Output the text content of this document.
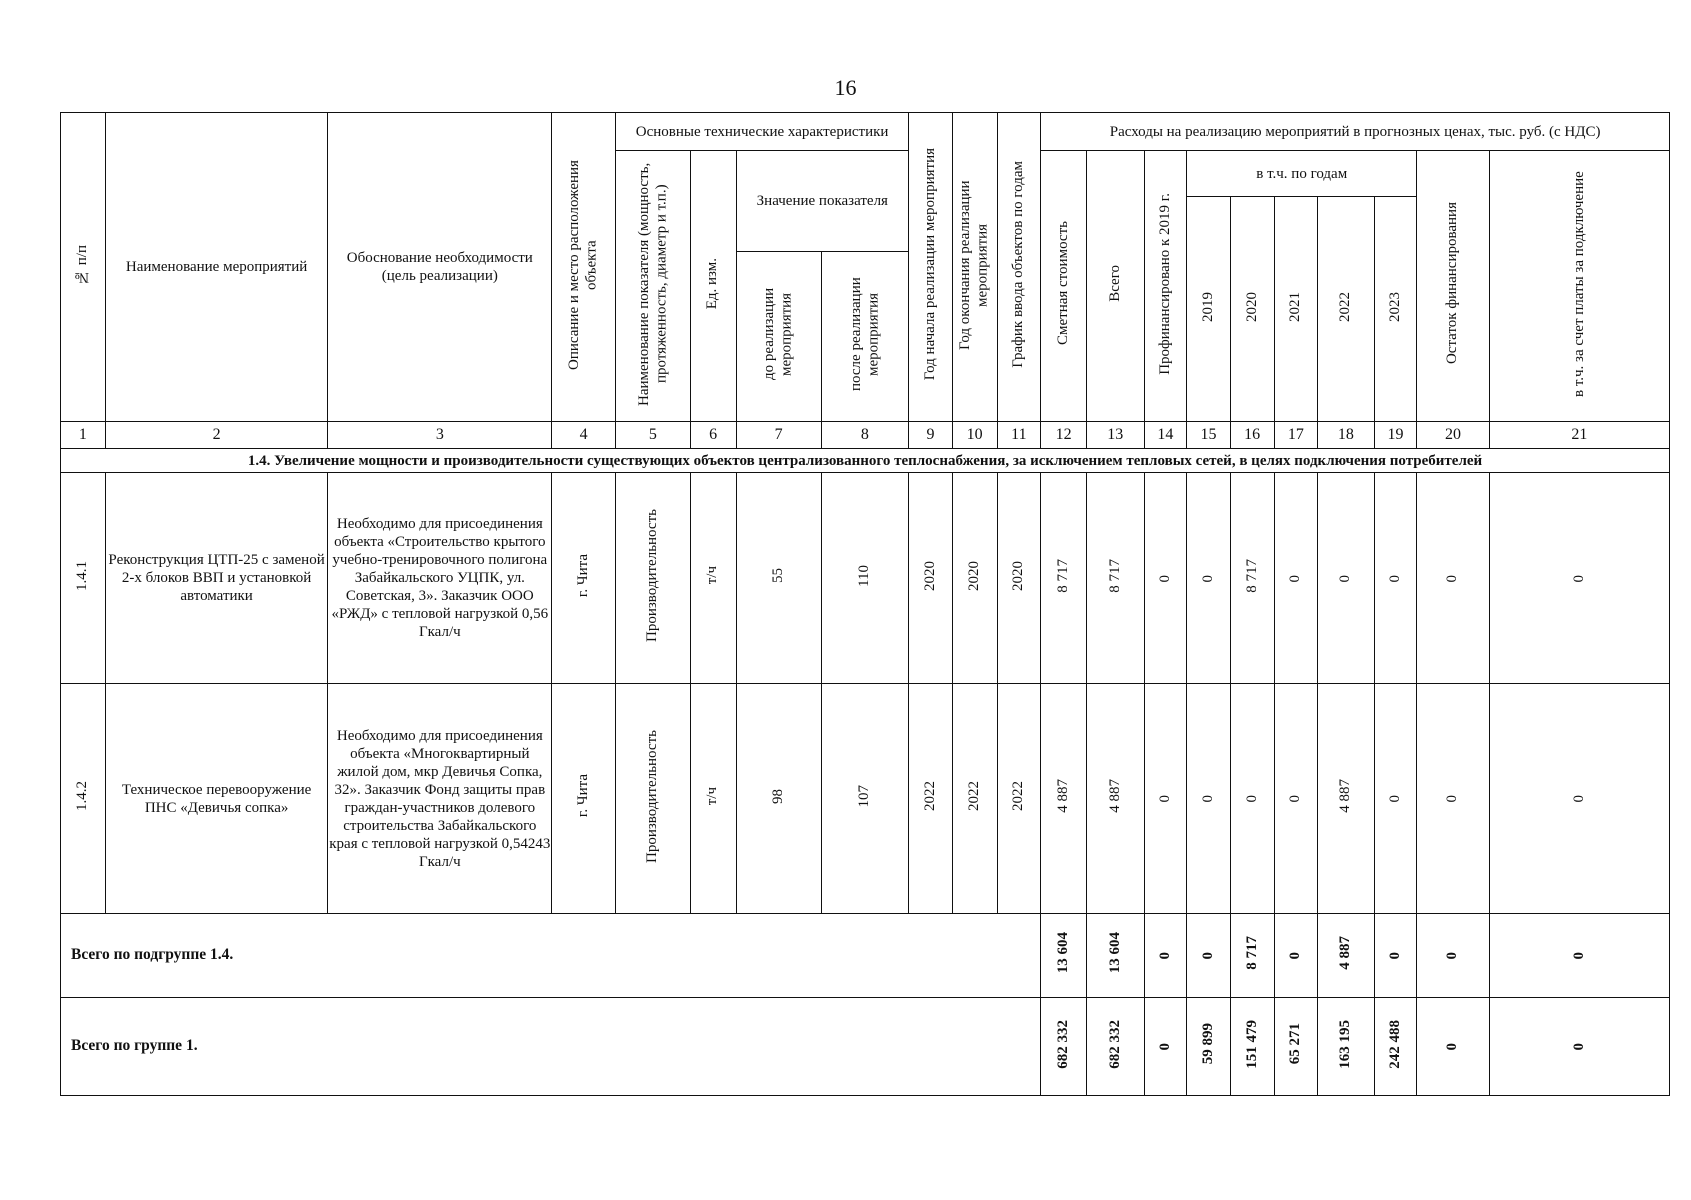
16
№ п/п	Наименование мероприятий	Обоснование необходимости (цель реализации)	Описание и место расположения объекта	Основные технические характеристики				Год начала реализации мероприятия	Год окончания реализации мероприятия	График ввода объектов по годам	Расходы на реализацию мероприятий в прогнозных ценах, тыс. руб. (с НДС)									
				Наименование показателя (мощность, протяженность, диаметр и т.п.)	Ед. изм.	Значение показателя					Сметная стоимость	Всего	Профинансировано к 2019 г.	в т.ч. по годам					Остаток финансирования	в т.ч. за счет платы за подключение
														2019	2020	2021	2022	2023		
						до реализации мероприятия	после реализации мероприятия													
1	2	3	4	5	6	7	8	9	10	11	12	13	14	15	16	17	18	19	20	21
1.4. Увеличение мощности и производительности существующих объектов централизованного теплоснабжения, за исключением тепловых сетей, в целях подключения потребителей																				
1.4.1	Реконструкция ЦТП-25 с заменой 2-х блоков ВВП и установкой автоматики	Необходимо для присоединения объекта «Строительство крытого учебно-тренировочного полигона Забайкальского УЦПК, ул. Советская, 3». Заказчик ООО «РЖД» с тепловой нагрузкой 0,56 Гкал/ч	г. Чита	Производительность	т/ч	55	110	2020	2020	2020	8 717	8 717	0	0	8 717	0	0	0	0	0
1.4.2	Техническое перевооружение ПНС «Девичья сопка»	Необходимо для присоединения объекта «Многоквартирный жилой дом, мкр Девичья Сопка, 32». Заказчик Фонд защиты прав граждан-участников долевого строительства Забайкальского края с тепловой нагрузкой 0,54243 Гкал/ч	г. Чита	Производительность	т/ч	98	107	2022	2022	2022	4 887	4 887	0	0	0	0	4 887	0	0	0
Всего по подгруппе 1.4.											13 604	13 604	0	0	8 717	0	4 887	0	0	0
Всего по группе 1.											682 332	682 332	0	59 899	151 479	65 271	163 195	242 488	0	0
